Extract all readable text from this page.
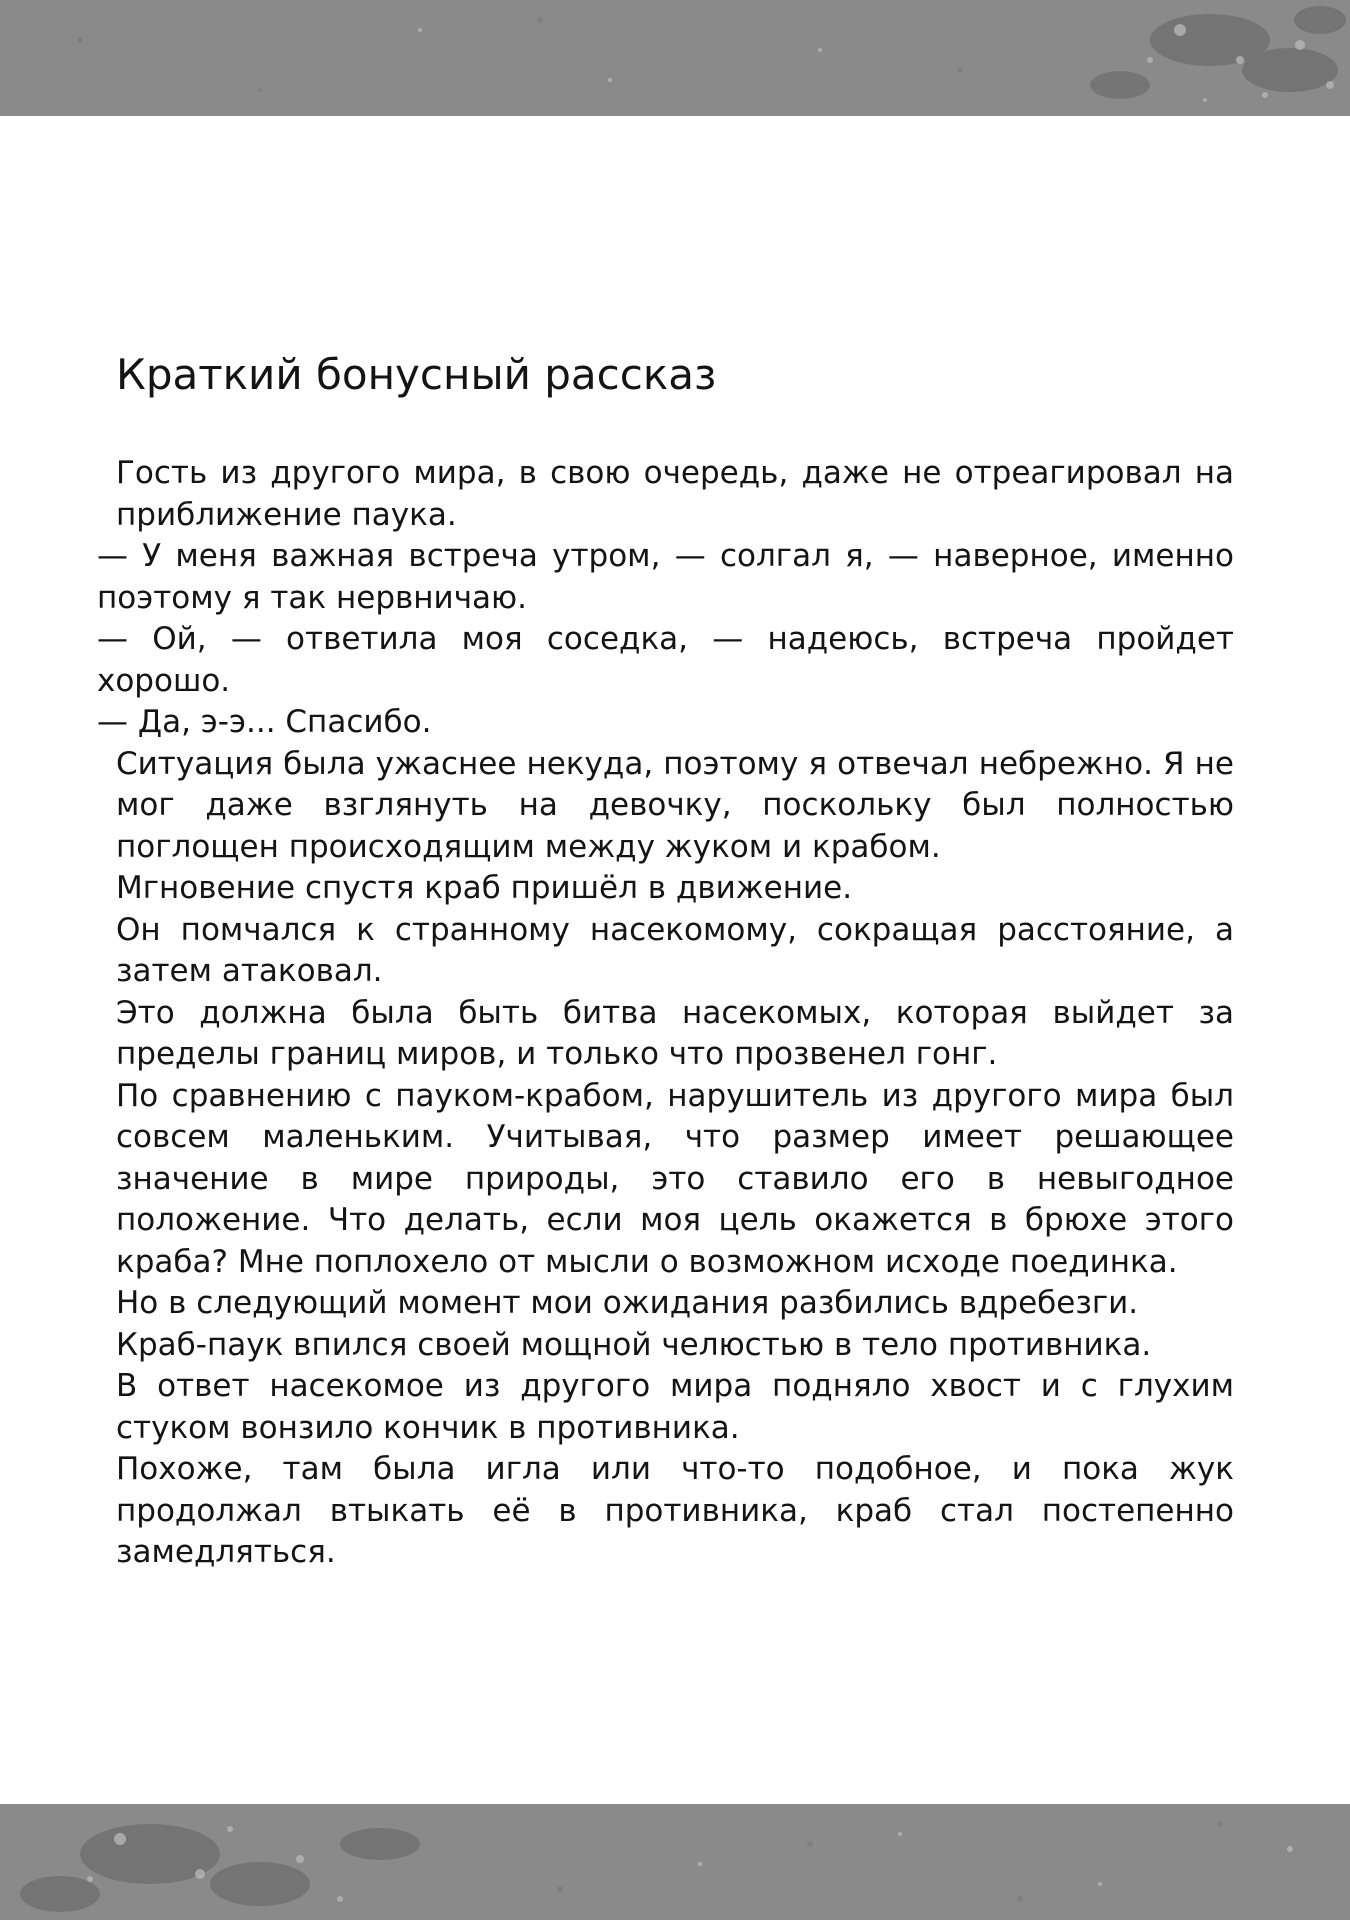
Краткий бонусный рассказ

Гость из другого мира, в свою очередь, даже не отреагировал на приближение паука.

— У меня важная встреча утром, — солгал я, — наверное, именно поэтому я так нервничаю.

— Ой, — ответила моя соседка, — надеюсь, встреча пройдет хорошо.

— Да, э-э... Спасибо.

Ситуация была ужаснее некуда, поэтому я отвечал небрежно. Я не мог даже взглянуть на девочку, поскольку был полностью поглощен происходящим между жуком и крабом.

Мгновение спустя краб пришёл в движение.

Он помчался к странному насекомому, сокращая расстояние, а затем атаковал.

Это должна была быть битва насекомых, которая выйдет за пределы границ миров, и только что прозвенел гонг.

По сравнению с пауком-крабом, нарушитель из другого мира был совсем маленьким. Учитывая, что размер имеет решающее значение в мире природы, это ставило его в невыгодное положение. Что делать, если моя цель окажется в брюхе этого краба? Мне поплохело от мысли о возможном исходе поединка.

Но в следующий момент мои ожидания разбились вдребезги.

Краб-паук впился своей мощной челюстью в тело противника.

В ответ насекомое из другого мира подняло хвост и с глухим стуком вонзило кончик в противника.

Похоже, там была игла или что-то подобное, и пока жук продолжал втыкать её в противника, краб стал постепенно замедляться.
